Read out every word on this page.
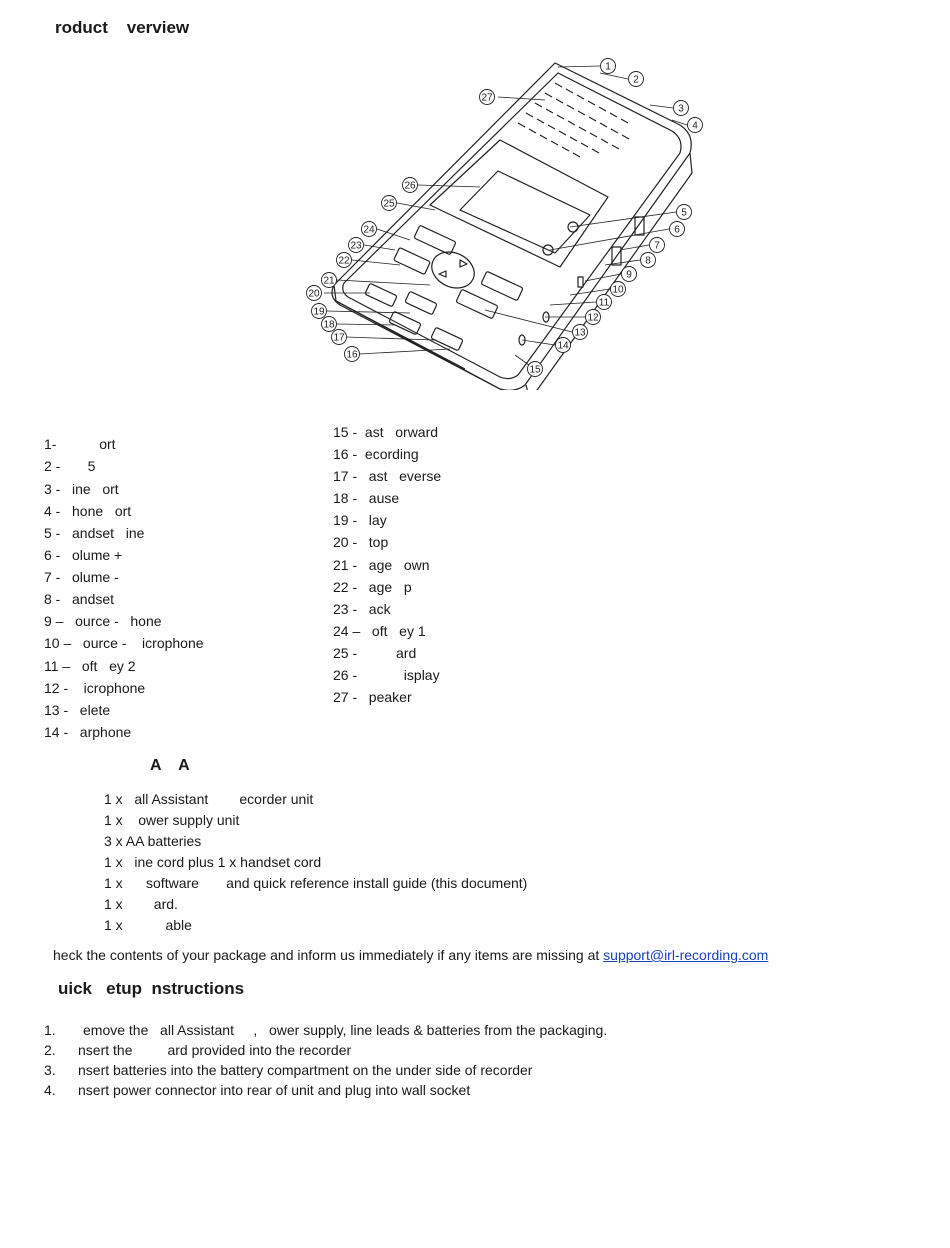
roduct    verview
1
2
3
4
5
6
7
8
9
10
11
12
13
14
15
16
17
18
19
20
21
22
23
24
25
26
27
1-           ort
2 -       5
3 -   ine   ort
4 -   hone   ort
5 -   andset   ine
6 -   olume +
7 -   olume -
8 -   andset
9 –   ource -   hone
10 –   ource -    icrophone
11 –   oft   ey 2
12 -    icrophone
13 -   elete
14 -   arphone
15 -  ast   orward
16 -  ecording
17 -   ast   everse
18 -   ause
19 -   lay
20 -   top
21 -   age   own
22 -   age   p
23 -   ack
24 –   oft   ey 1
25 -          ard
26 -            isplay
27 -   peaker
A    A
1 x   all Assistant        ecorder unit
1 x    ower supply unit
3 x AA batteries
1 x   ine cord plus 1 x handset cord
1 x      software       and quick reference install guide (this document)
1 x        ard.
1 x           able
heck the contents of your package and inform us immediately if any items are missing at support@irl-recording.com
uick   etup  nstructions
1. emove the   all Assistant     ,   ower supply, line leads & batteries from the packaging.
2. nsert the         ard provided into the recorder
3. nsert batteries into the battery compartment on the under side of recorder
4. nsert power connector into rear of unit and plug into wall socket
